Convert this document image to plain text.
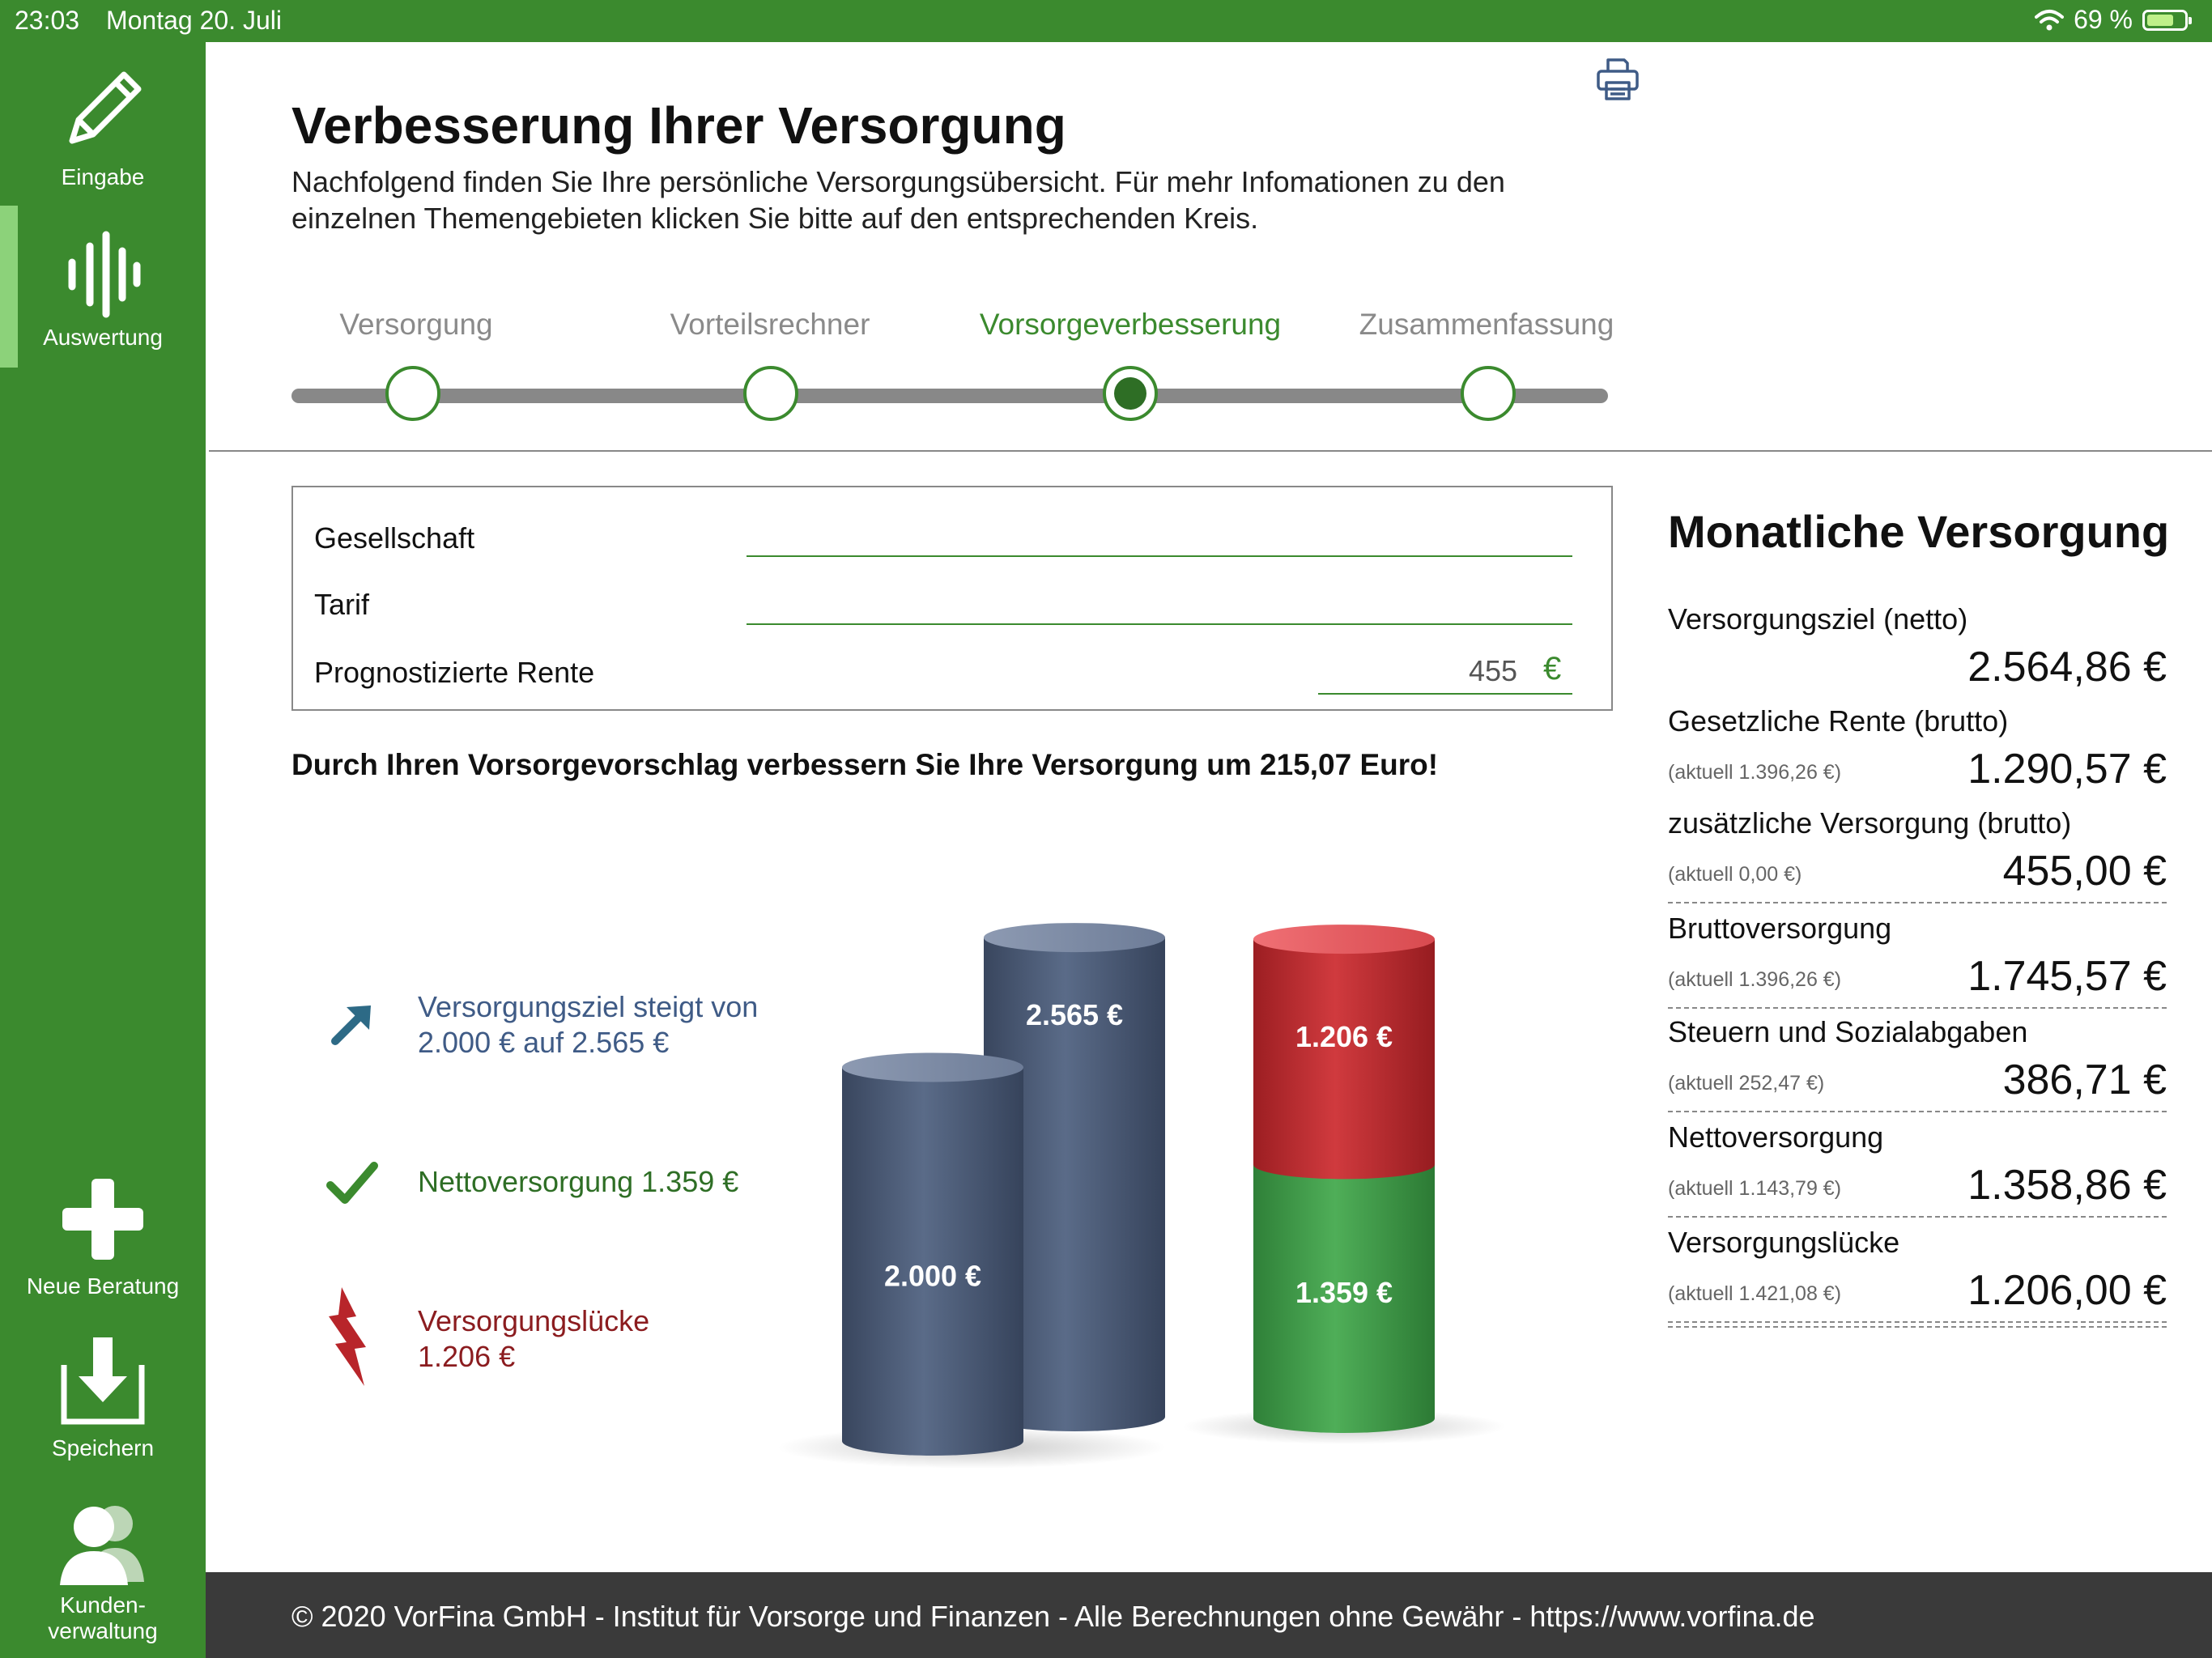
23:03 Montag 20. Juli	69 %
Eingabe
Auswertung
Neue Beratung
Speichern
Kunden-
verwaltung
Verbesserung Ihrer Versorgung
Nachfolgend finden Sie Ihre persönliche Versorgungsübersicht. Für mehr Infomationen zu den
einzelnen Themengebieten klicken Sie bitte auf den entsprechenden Kreis.
Versorgung	Vorteilsrechner	Vorsorgeverbesserung	Zusammenfassung
Gesellschaft
Tarif
Prognostizierte Rente	455 €
Durch Ihren Vorsorgevorschlag verbessern Sie Ihre Versorgung um 215,07 Euro!
Versorgungsziel steigt von
2.000 € auf 2.565 €
Nettoversorgung 1.359 €
Versorgungslücke
1.206 €
2.565 €
2.000 €
1.359 €
1.206 €
Monatliche Versorgung
Versorgungsziel (netto)
2.564,86 €
Gesetzliche Rente (brutto)
(aktuell 1.396,26 €)	1.290,57 €
zusätzliche Versorgung (brutto)
(aktuell 0,00 €)	455,00 €
Bruttoversorgung
(aktuell 1.396,26 €)	1.745,57 €
Steuern und Sozialabgaben
(aktuell 252,47 €)	386,71 €
Nettoversorgung
(aktuell 1.143,79 €)	1.358,86 €
Versorgungslücke
(aktuell 1.421,08 €)	1.206,00 €
© 2020 VorFina GmbH - Institut für Vorsorge und Finanzen - Alle Berechnungen ohne Gewähr - https://www.vorfina.de
